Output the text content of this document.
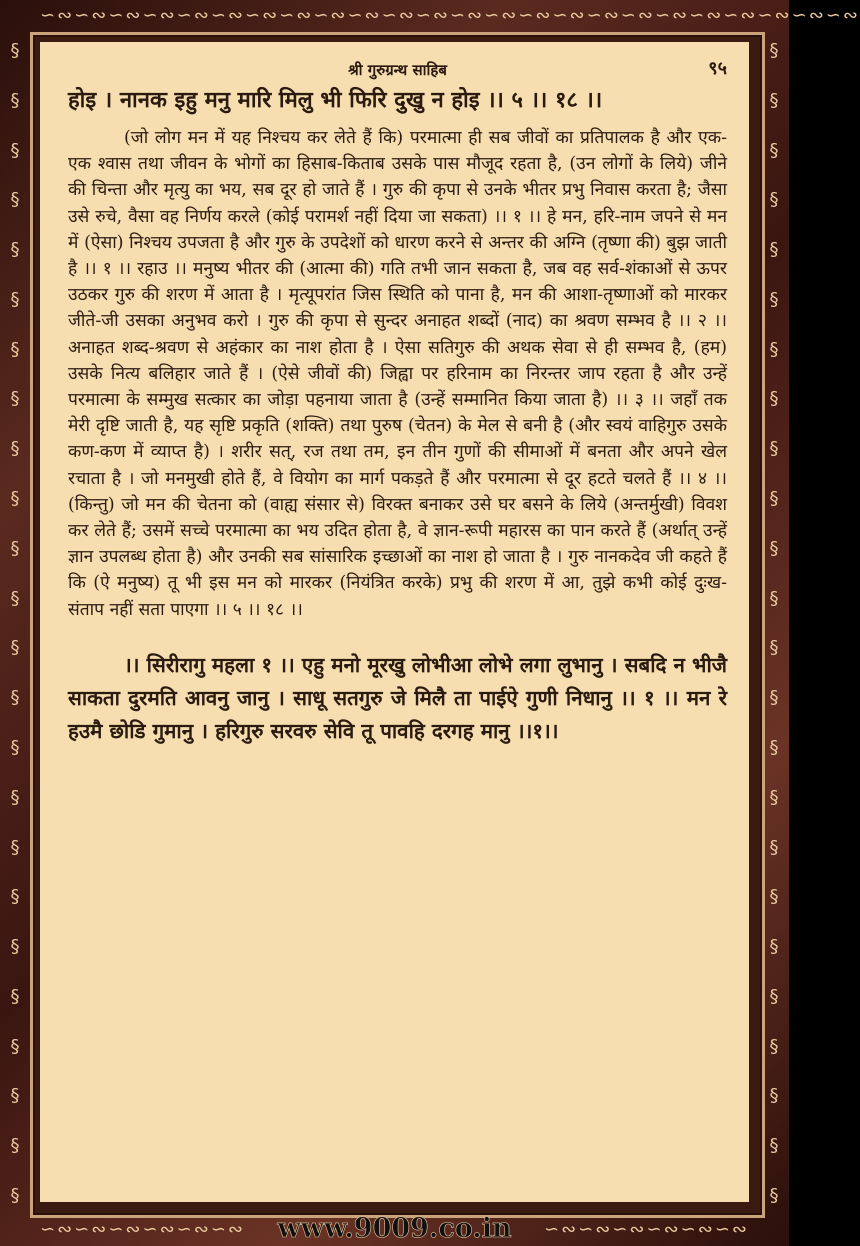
∽∾∽∾∽∾∽∾∽∾∽∾∽∾∽∾∽∾∽∾∽∾∽∾∽∾∽∾∽∾∽∾∽∾∽∾∽∾∽∾∽∾∽∾∽∾∽∾
§
§
§
§
§
§
§
§
§
§
§
§
§
§
§
§
§
§
§
§
§
§
§
§
§
§
§
§
§
§
§
§
§
§
§
§
§
§
§
§
§
§
§
§
§
§
§
§
श्री गुरुग्रन्थ साहिब	९५
होइ । नानक इहु मनु मारि मिलु भी फिरि दुखु न होइ ।। ५ ।। १८ ।।
(जो लोग मन में यह निश्चय कर लेते हैं कि) परमात्मा ही सब जीवों का प्रतिपालक है और एक-एक श्वास तथा जीवन के भोगों का हिसाब-किताब उसके पास मौजूद रहता है, (उन लोगों के लिये) जीने की चिन्ता और मृत्यु का भय, सब दूर हो जाते हैं । गुरु की कृपा से उनके भीतर प्रभु निवास करता है; जैसा उसे रुचे, वैसा वह निर्णय करले (कोई परामर्श नहीं दिया जा सकता) ।। १ ।। हे मन, हरि-नाम जपने से मन में (ऐसा) निश्चय उपजता है और गुरु के उपदेशों को धारण करने से अन्तर की अग्नि (तृष्णा की) बुझ जाती है ।। १ ।। रहाउ ।। मनुष्य भीतर की (आत्मा की) गति तभी जान सकता है, जब वह सर्व-शंकाओं से ऊपर उठकर गुरु की शरण में आता है । मृत्यूपरांत जिस स्थिति को पाना है, मन की आशा-तृष्णाओं को मारकर जीते-जी उसका अनुभव करो । गुरु की कृपा से सुन्दर अनाहत शब्दों (नाद) का श्रवण सम्भव है ।। २ ।। अनाहत शब्द-श्रवण से अहंकार का नाश होता है । ऐसा सतिगुरु की अथक सेवा से ही सम्भव है, (हम) उसके नित्य बलिहार जाते हैं । (ऐसे जीवों की) जिह्वा पर हरिनाम का निरन्तर जाप रहता है और उन्हें परमात्मा के सम्मुख सत्कार का जोड़ा पहनाया जाता है (उन्हें सम्मानित किया जाता है) ।। ३ ।। जहाँ तक मेरी दृष्टि जाती है, यह सृष्टि प्रकृति (शक्ति) तथा पुरुष (चेतन) के मेल से बनी है (और स्वयं वाहिगुरु उसके कण-कण में व्याप्त है) । शरीर सत्, रज तथा तम, इन तीन गुणों की सीमाओं में बनता और अपने खेल रचाता है । जो मनमुखी होते हैं, वे वियोग का मार्ग पकड़ते हैं और परमात्मा से दूर हटते चलते हैं ।। ४ ।। (किन्तु) जो मन की चेतना को (वाह्य संसार से) विरक्त बनाकर उसे घर बसने के लिये (अन्तर्मुखी) विवश कर लेते हैं; उसमें सच्चे परमात्मा का भय उदित होता है, वे ज्ञान-रूपी महारस का पान करते हैं (अर्थात् उन्हें ज्ञान उपलब्ध होता है) और उनकी सब सांसारिक इच्छाओं का नाश हो जाता है । गुरु नानकदेव जी कहते हैं कि (ऐ मनुष्य) तू भी इस मन को मारकर (नियंत्रित करके) प्रभु की शरण में आ, तुझे कभी कोई दुःख-संताप नहीं सता पाएगा ।। ५ ।। १८ ।।
।। सिरीरागु महला १ ।। एहु मनो मूरखु लोभीआ लोभे लगा लुभानु । सबदि न भीजै साकता दुरमति आवनु जानु । साधू सतगुरु जे मिलै ता पाईऐ गुणी निधानु ।। १ ।। मन रे हउमै छोडि गुमानु । हरिगुरु सरवरु सेवि तू पावहि दरगह मानु ।।१।।
∽∾∽∾∽∾∽∾∽∾∽∾	∽∾∽∾∽∾∽∾∽∾∽∾
www.9009.co.in
